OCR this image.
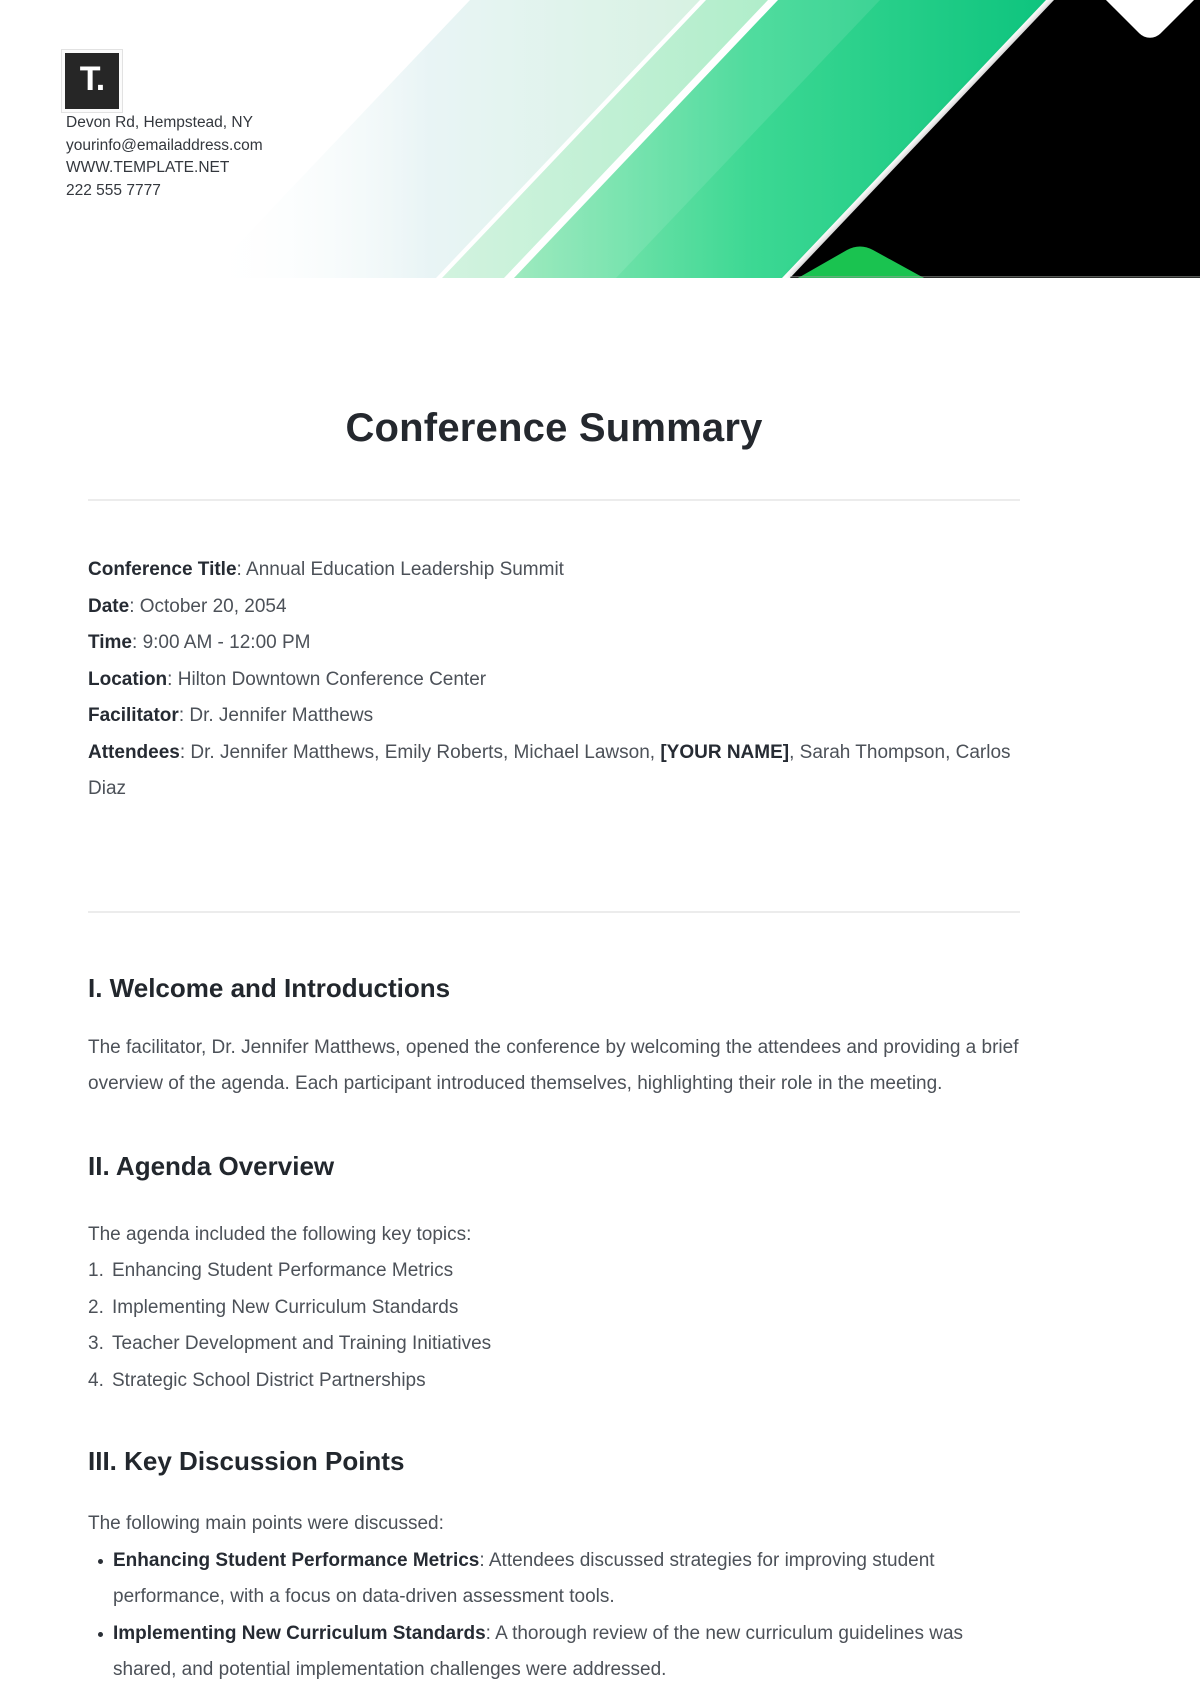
T.
Devon Rd, Hempstead, NY
yourinfo@emailaddress.com
WWW.TEMPLATE.NET
222 555 7777
Conference Summary
Conference Title: Annual Education Leadership Summit
Date: October 20, 2054
Time: 9:00 AM - 12:00 PM
Location: Hilton Downtown Conference Center
Facilitator: Dr. Jennifer Matthews
Attendees: Dr. Jennifer Matthews, Emily Roberts, Michael Lawson, [YOUR NAME], Sarah Thompson, Carlos Diaz
I. Welcome and Introductions

The facilitator, Dr. Jennifer Matthews, opened the conference by welcoming the attendees and providing a brief overview of the agenda. Each participant introduced themselves, highlighting their role in the meeting.

II. Agenda Overview

The agenda included the following key topics:

1. Enhancing Student Performance Metrics
2. Implementing New Curriculum Standards
3. Teacher Development and Training Initiatives
4. Strategic School District Partnerships
III. Key Discussion Points

The following main points were discussed:

Enhancing Student Performance Metrics: Attendees discussed strategies for improving student performance, with a focus on data-driven assessment tools.
Implementing New Curriculum Standards: A thorough review of the new curriculum guidelines was shared, and potential implementation challenges were addressed.
